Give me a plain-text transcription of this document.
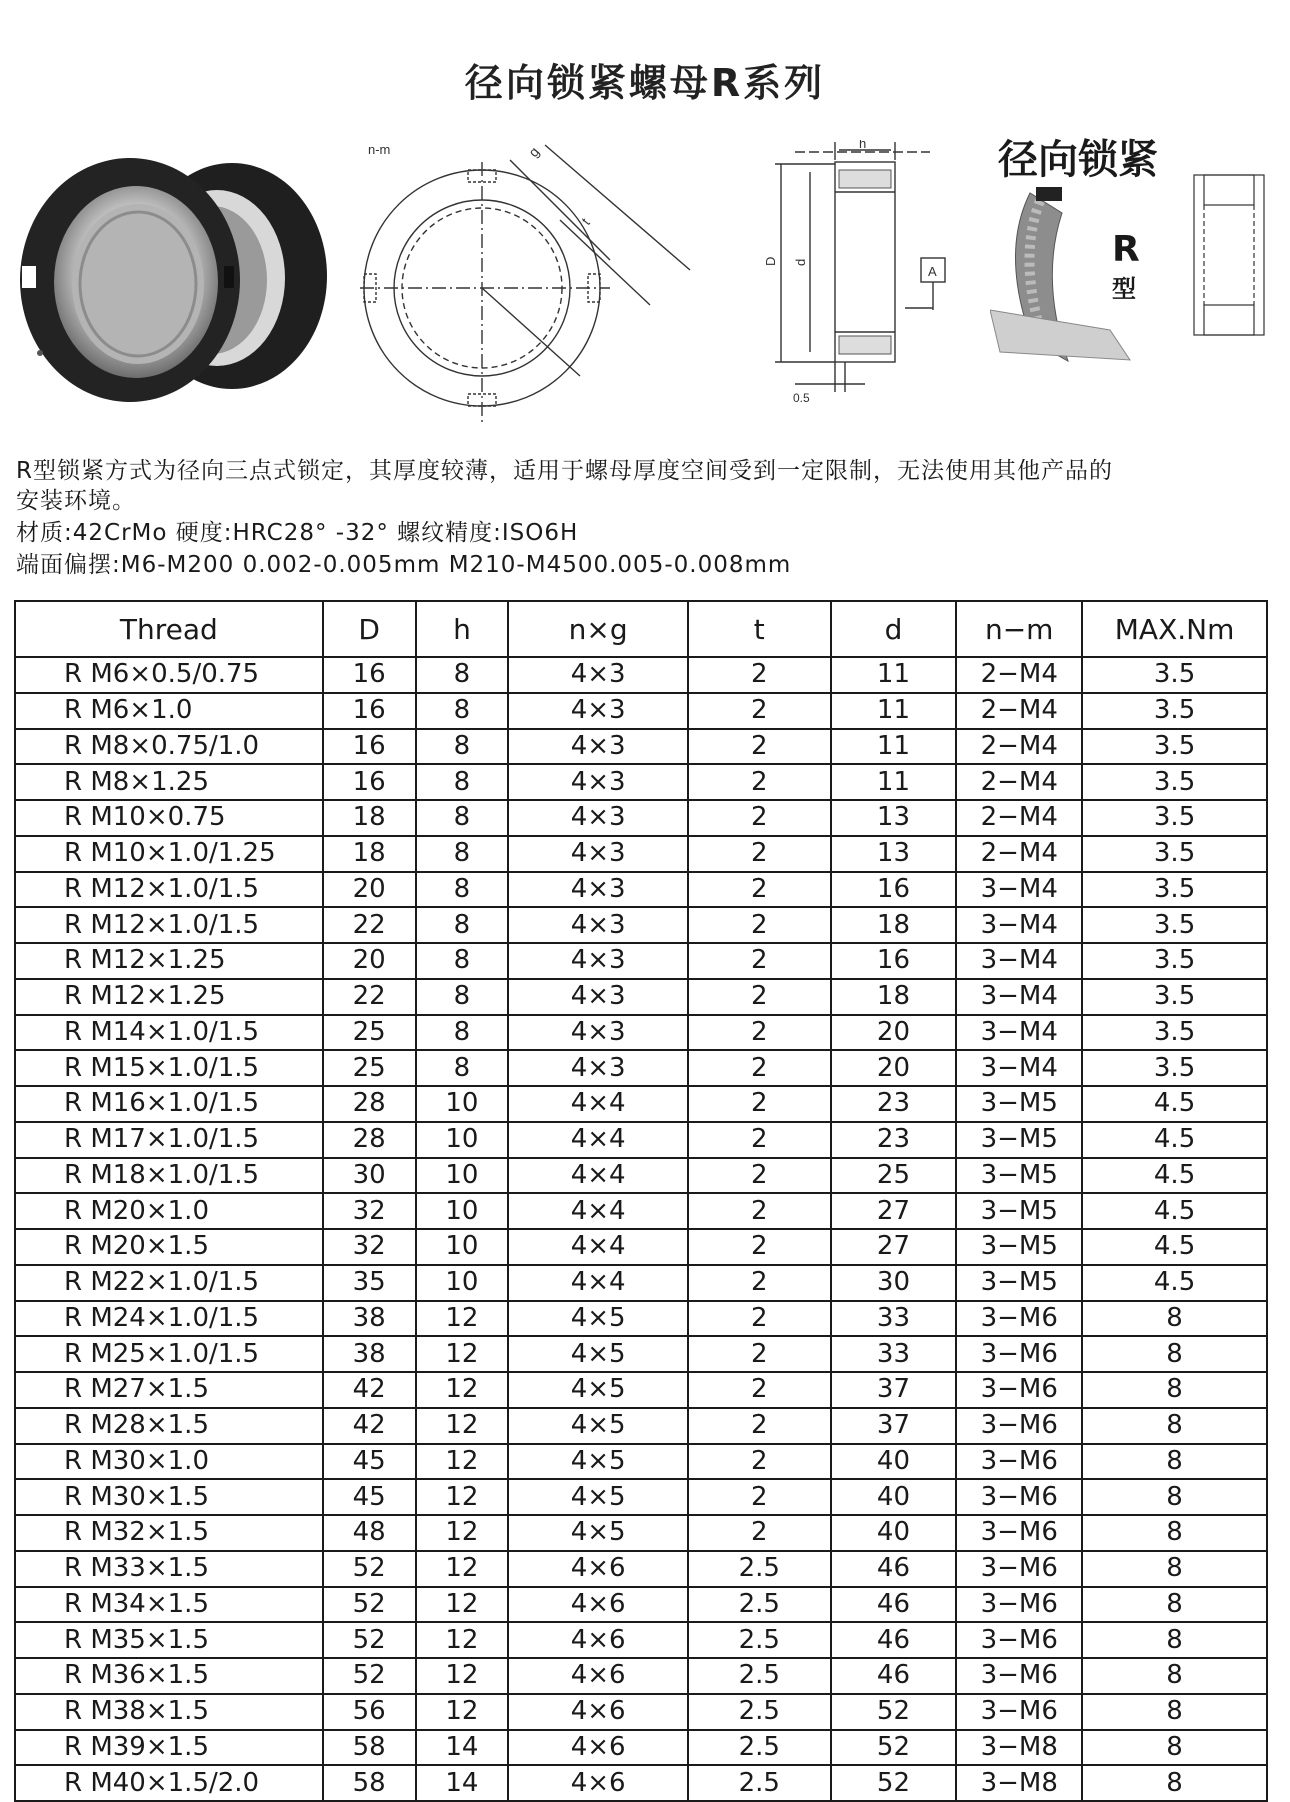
径向锁紧螺母R系列
n-m	g
t
h
D d
A
0.5
径向锁紧
R
型

R型锁紧方式为径向三点式锁定，其厚度较薄，适用于螺母厚度空间受到一定限制，无法使用其他产品的

安装环境。

材质:42CrMo 硬度:HRC28° -32° 螺纹精度:ISO6H

端面偏摆:M6-M200 0.002-0.005mm M210-M4500.005-0.008mm

Thread	D	h	n×g	t	d	n−m	MAX.Nm
R M6×0.5/0.75	16	8	4×3	2	11	2−M4	3.5
R M6×1.0	16	8	4×3	2	11	2−M4	3.5
R M8×0.75/1.0	16	8	4×3	2	11	2−M4	3.5
R M8×1.25	16	8	4×3	2	11	2−M4	3.5
R M10×0.75	18	8	4×3	2	13	2−M4	3.5
R M10×1.0/1.25	18	8	4×3	2	13	2−M4	3.5
R M12×1.0/1.5	20	8	4×3	2	16	3−M4	3.5
R M12×1.0/1.5	22	8	4×3	2	18	3−M4	3.5
R M12×1.25	20	8	4×3	2	16	3−M4	3.5
R M12×1.25	22	8	4×3	2	18	3−M4	3.5
R M14×1.0/1.5	25	8	4×3	2	20	3−M4	3.5
R M15×1.0/1.5	25	8	4×3	2	20	3−M4	3.5
R M16×1.0/1.5	28	10	4×4	2	23	3−M5	4.5
R M17×1.0/1.5	28	10	4×4	2	23	3−M5	4.5
R M18×1.0/1.5	30	10	4×4	2	25	3−M5	4.5
R M20×1.0	32	10	4×4	2	27	3−M5	4.5
R M20×1.5	32	10	4×4	2	27	3−M5	4.5
R M22×1.0/1.5	35	10	4×4	2	30	3−M5	4.5
R M24×1.0/1.5	38	12	4×5	2	33	3−M6	8
R M25×1.0/1.5	38	12	4×5	2	33	3−M6	8
R M27×1.5	42	12	4×5	2	37	3−M6	8
R M28×1.5	42	12	4×5	2	37	3−M6	8
R M30×1.0	45	12	4×5	2	40	3−M6	8
R M30×1.5	45	12	4×5	2	40	3−M6	8
R M32×1.5	48	12	4×5	2	40	3−M6	8
R M33×1.5	52	12	4×6	2.5	46	3−M6	8
R M34×1.5	52	12	4×6	2.5	46	3−M6	8
R M35×1.5	52	12	4×6	2.5	46	3−M6	8
R M36×1.5	52	12	4×6	2.5	46	3−M6	8
R M38×1.5	56	12	4×6	2.5	52	3−M6	8
R M39×1.5	58	14	4×6	2.5	52	3−M8	8
R M40×1.5/2.0	58	14	4×6	2.5	52	3−M8	8
